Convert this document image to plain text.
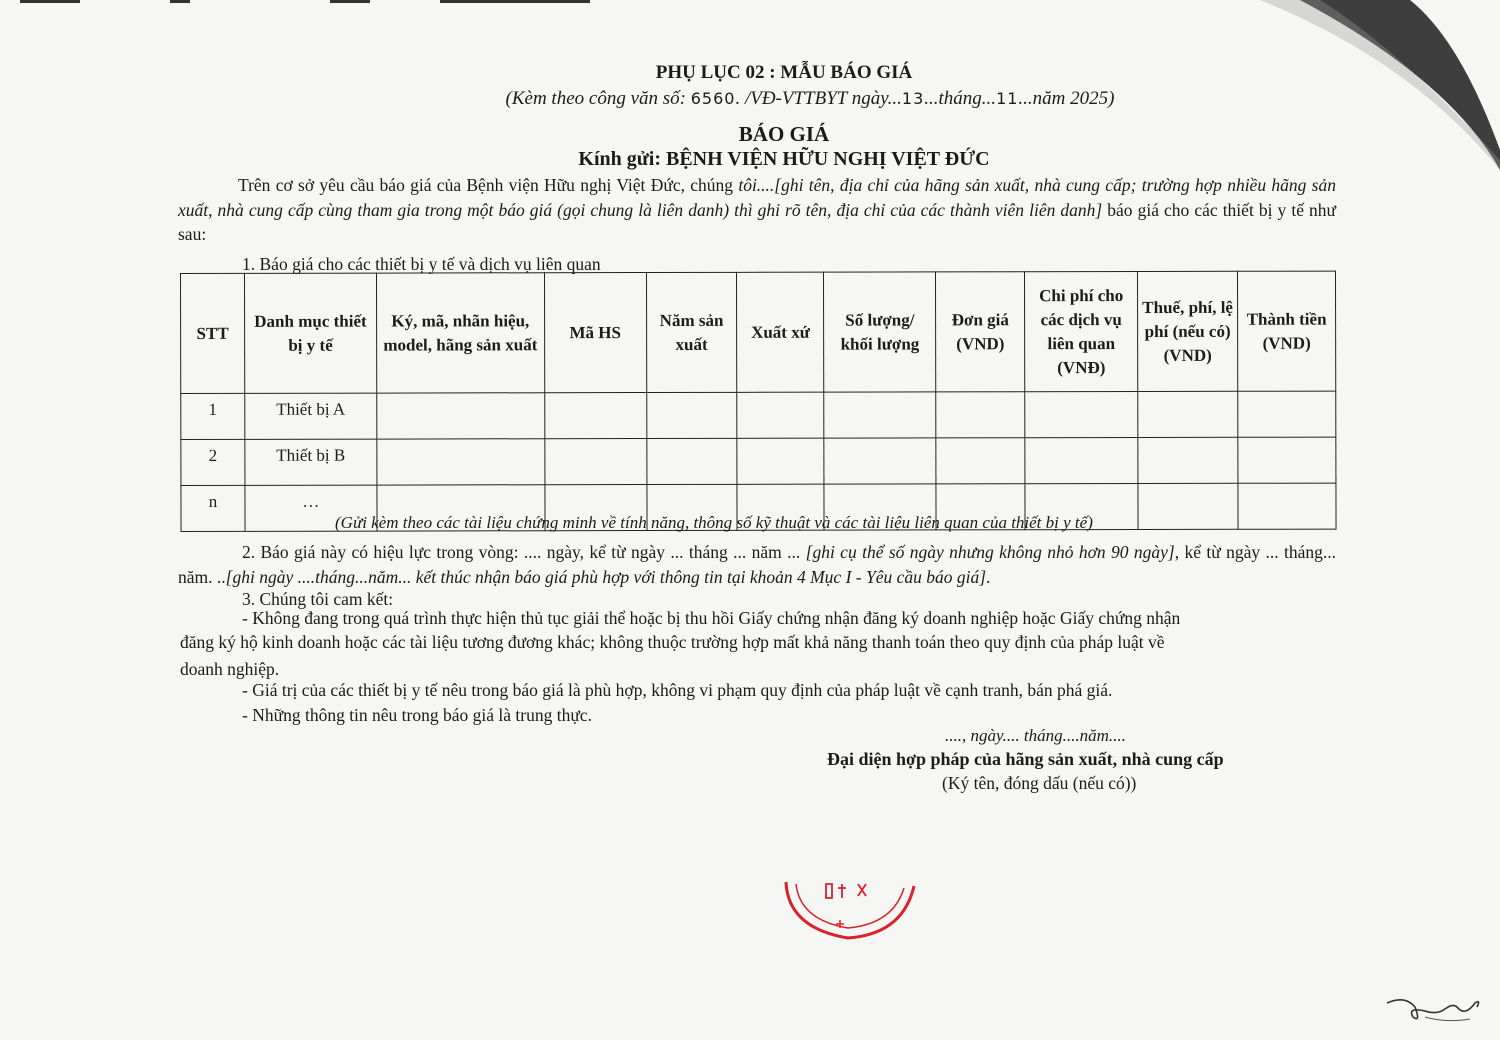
PHỤ LỤC 02 : MẪU BÁO GIÁ
(Kèm theo công văn số: 6560. /VĐ-VTTBYT ngày...13...tháng...11...năm 2025)
BÁO GIÁ
Kính gửi: BỆNH VIỆN HỮU NGHỊ VIỆT ĐỨC
Trên cơ sở yêu cầu báo giá của Bệnh viện Hữu nghị Việt Đức, chúng tôi....[ghi tên, địa chỉ của hãng sản xuất, nhà cung cấp; trường hợp nhiều hãng sản xuất, nhà cung cấp cùng tham gia trong một báo giá (gọi chung là liên danh) thì ghi rõ tên, địa chỉ của các thành viên liên danh] báo giá cho các thiết bị y tế như sau:
1. Báo giá cho các thiết bị y tế và dịch vụ liên quan
STT	Danh mục thiết bị y tế	Ký, mã, nhãn hiệu, model, hãng sản xuất	Mã HS	Năm sản xuất	Xuất xứ	Số lượng/ khối lượng	Đơn giá (VND)	Chi phí cho các dịch vụ liên quan (VNĐ)	Thuế, phí, lệ phí (nếu có) (VND)	Thành tiền (VND)
1	Thiết bị A									
2	Thiết bị B									
n	…									
(Gửi kèm theo các tài liệu chứng minh về tính năng, thông số kỹ thuật và các tài liệu liên quan của thiết bị y tế)
2. Báo giá này có hiệu lực trong vòng: .... ngày, kể từ ngày ... tháng ... năm ... [ghi cụ thể số ngày nhưng không nhỏ hơn 90 ngày], kể từ ngày ... tháng... năm. ..[ghi ngày ....tháng...năm... kết thúc nhận báo giá phù hợp với thông tin tại khoản 4 Mục I - Yêu cầu báo giá].
3. Chúng tôi cam kết:
- Không đang trong quá trình thực hiện thủ tục giải thể hoặc bị thu hồi Giấy chứng nhận đăng ký doanh nghiệp hoặc Giấy chứng nhận
đăng ký hộ kinh doanh hoặc các tài liệu tương đương khác; không thuộc trường hợp mất khả năng thanh toán theo quy định của pháp luật về
doanh nghiệp.
- Giá trị của các thiết bị y tế nêu trong báo giá là phù hợp, không vi phạm quy định của pháp luật về cạnh tranh, bán phá giá.
- Những thông tin nêu trong báo giá là trung thực.
...., ngày.... tháng....năm....
Đại diện hợp pháp của hãng sản xuất, nhà cung cấp
(Ký tên, đóng dấu (nếu có))
